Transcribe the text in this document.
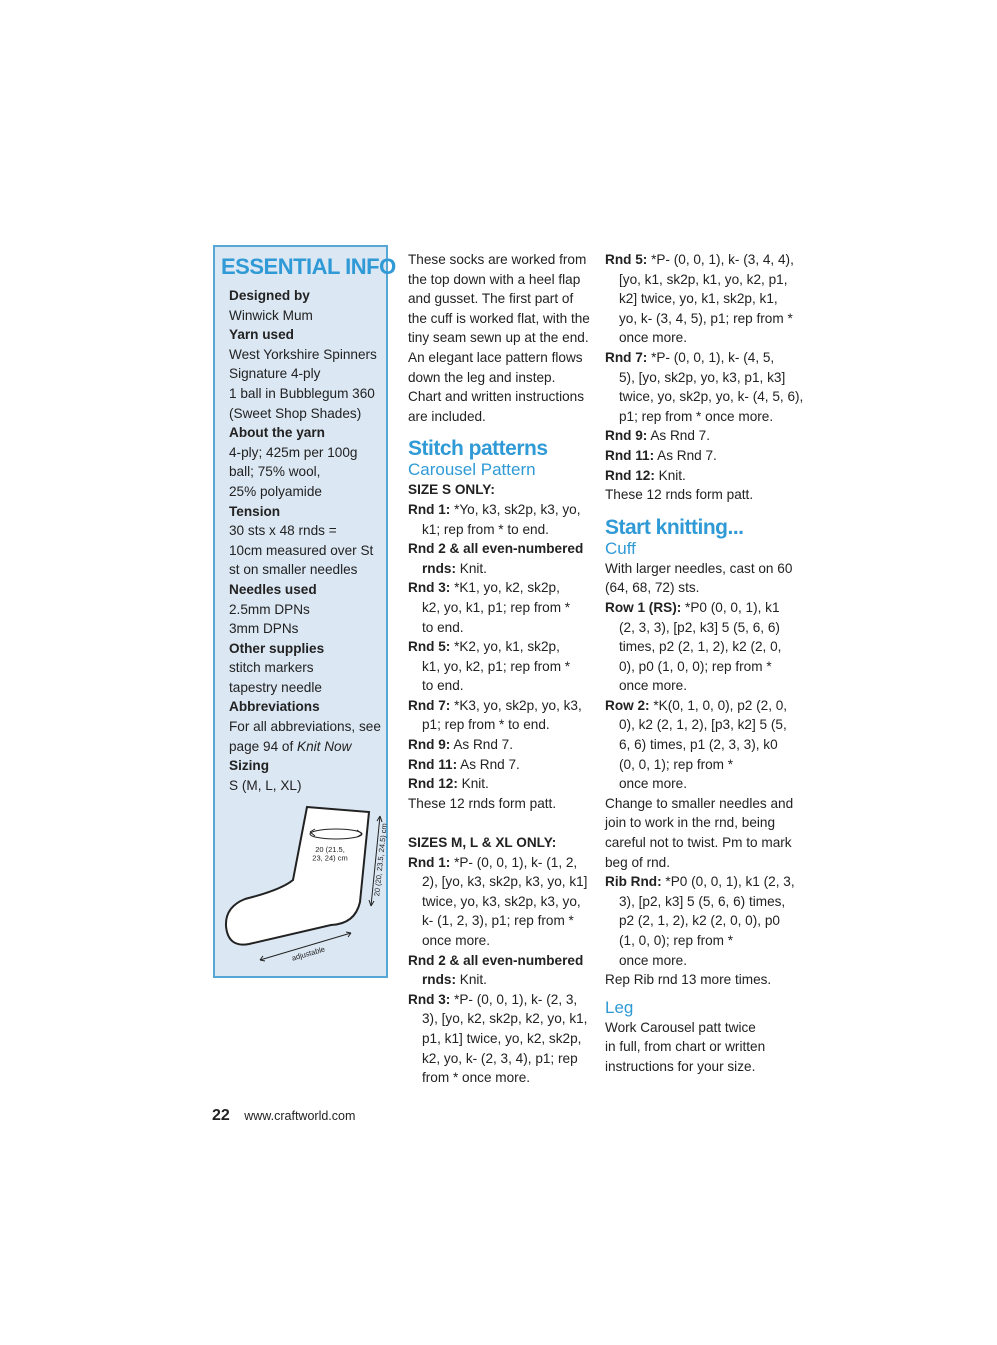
ESSENTIAL INFO
Designed by
Winwick Mum
Yarn used
West Yorkshire Spinners
Signature 4-ply
1 ball in Bubblegum 360
(Sweet Shop Shades)
About the yarn
4-ply; 425m per 100g
ball; 75% wool,
25% polyamide
Tension
30 sts x 48 rnds =
10cm measured over St
st on smaller needles
Needles used
2.5mm DPNs
3mm DPNs
Other supplies
stitch markers
tapestry needle
Abbreviations
For all abbreviations, see
page 94 of Knit Now
Sizing
S (M, L, XL)
20 (21.5, 23, 24) cm	20 (20, 23.5, 24.5) cm
adjustable
These socks are worked from
the top down with a heel flap
and gusset. The first part of
the cuff is worked flat, with the
tiny seam sewn up at the end.
An elegant lace pattern flows
down the leg and instep.
Chart and written instructions
are included.
Stitch patterns
Carousel Pattern
SIZE S ONLY:
Rnd 1: *Yo, k3, sk2p, k3, yo,
k1; rep from * to end.
Rnd 2 & all even-numbered
rnds: Knit.
Rnd 3: *K1, yo, k2, sk2p,
k2, yo, k1, p1; rep from *
to end.
Rnd 5: *K2, yo, k1, sk2p,
k1, yo, k2, p1; rep from *
to end.
Rnd 7: *K3, yo, sk2p, yo, k3,
p1; rep from * to end.
Rnd 9: As Rnd 7.
Rnd 11: As Rnd 7.
Rnd 12: Knit.
These 12 rnds form patt.
SIZES M, L & XL ONLY:
Rnd 1: *P- (0, 0, 1), k- (1, 2,
2), [yo, k3, sk2p, k3, yo, k1]
twice, yo, k3, sk2p, k3, yo,
k- (1, 2, 3), p1; rep from *
once more.
Rnd 2 & all even-numbered
rnds: Knit.
Rnd 3: *P- (0, 0, 1), k- (2, 3,
3), [yo, k2, sk2p, k2, yo, k1,
p1, k1] twice, yo, k2, sk2p,
k2, yo, k- (2, 3, 4), p1; rep
from * once more.
Rnd 5: *P- (0, 0, 1), k- (3, 4, 4),
[yo, k1, sk2p, k1, yo, k2, p1,
k2] twice, yo, k1, sk2p, k1,
yo, k- (3, 4, 5), p1; rep from *
once more.
Rnd 7: *P- (0, 0, 1), k- (4, 5,
5), [yo, sk2p, yo, k3, p1, k3]
twice, yo, sk2p, yo, k- (4, 5, 6),
p1; rep from * once more.
Rnd 9: As Rnd 7.
Rnd 11: As Rnd 7.
Rnd 12: Knit.
These 12 rnds form patt.
Start knitting...
Cuff
With larger needles, cast on 60
(64, 68, 72) sts.
Row 1 (RS): *P0 (0, 0, 1), k1
(2, 3, 3), [p2, k3] 5 (5, 6, 6)
times, p2 (2, 1, 2), k2 (2, 0,
0), p0 (1, 0, 0); rep from *
once more.
Row 2: *K(0, 1, 0, 0), p2 (2, 0,
0), k2 (2, 1, 2), [p3, k2] 5 (5,
6, 6) times, p1 (2, 3, 3), k0
(0, 0, 1); rep from *
once more.
Change to smaller needles and
join to work in the rnd, being
careful not to twist. Pm to mark
beg of rnd.
Rib Rnd: *P0 (0, 0, 1), k1 (2, 3,
3), [p2, k3] 5 (5, 6, 6) times,
p2 (2, 1, 2), k2 (2, 0, 0), p0
(1, 0, 0); rep from *
once more.
Rep Rib rnd 13 more times.
Leg
Work Carousel patt twice
in full, from chart or written
instructions for your size.
22 www.craftworld.com
